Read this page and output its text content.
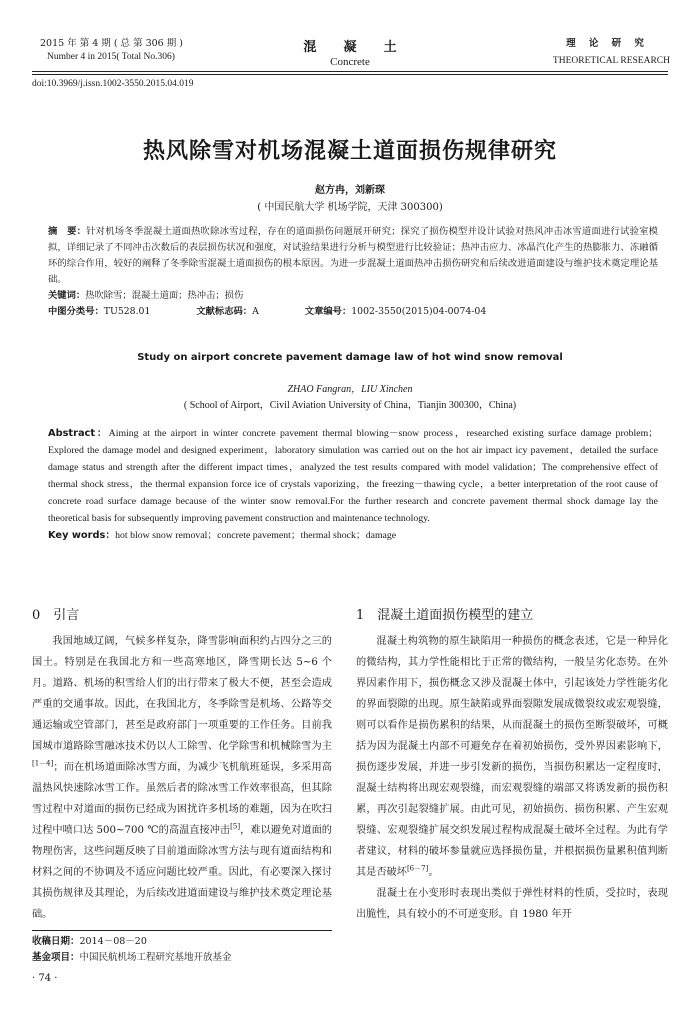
2015 年 第 4 期 ( 总 第 306 期 )
Number 4 in 2015( Total No.306)
混      凝      土
Concrete
理    论    研    究
THEORETICAL RESEARCH
doi:10.3969/j.issn.1002-3550.2015.04.019
热风除雪对机场混凝土道面损伤规律研究
赵方冉，刘新琛
( 中国民航大学 机场学院，天津 300300)
摘　要：针对机场冬季混凝土道面热吹除冰雪过程，存在的道面损伤问题展开研究；探究了损伤模型并设计试验对热风冲击冰雪道面进行试验室模拟，详细记录了不同冲击次数后的表层损伤状况和强度，对试验结果进行分析与模型进行比较验证；热冲击应力、冰晶汽化产生的热膨胀力、冻融循环的综合作用，较好的阐释了冬季除雪混凝土道面损伤的根本原因。为进一步混凝土道面热冲击损伤研究和后续改进道面建设与维护技术奠定理论基础。
关键词：热吹除雪；混凝土道面；热冲击；损伤
中图分类号：TU528.01	文献标志码：A	文章编号：1002-3550(2015)04-0074-04
Study on airport concrete pavement damage law of hot wind snow removal
ZHAO Fangran，LIU Xinchen
( School of Airport，Civil Aviation University of China，Tianjin 300300，China)
Abstract：Aiming at the airport in winter concrete pavement thermal blowing－snow process，researched existing surface damage problem；Explored the damage model and designed experiment，laboratory simulation was carried out on the hot air impact icy pavement，detailed the surface damage status and strength after the different impact times，analyzed the test results compared with model validation；The comprehensive effect of thermal shock stress，the thermal expansion force ice of crystals vaporizing，the freezing－thawing cycle，a better interpretation of the root cause of concrete road surface damage because of the winter snow removal.For the further research and concrete pavement thermal shock damage lay the theoretical basis for subsequently improving pavement construction and maintenance technology.
Key words：hot blow snow removal；concrete pavement；thermal shock；damage
0　引言

我国地域辽阔，气候多样复杂，降雪影响面积约占四分之三的国土。特别是在我国北方和一些高寒地区，降雪期长达 5~6 个月。道路、机场的积雪给人们的出行带来了极大不便，甚至会造成严重的交通事故。因此，在我国北方，冬季除雪是机场、公路等交通运输或空管部门，甚至是政府部门一项重要的工作任务。目前我国城市道路除雪融冰技术仍以人工除雪、化学除雪和机械除雪为主[1－4]；而在机场道面除冰雪方面，为减少飞机航班延误，多采用高温热风快速除冰雪工作。虽然后者的除冰雪工作效率很高，但其除雪过程中对道面的损伤已经成为困扰许多机场的难题，因为在吹扫过程中喷口达 500~700 ℃的高温直接冲击[5]，难以避免对道面的物理伤害，这些问题反映了目前道面除冰雪方法与现有道面结构和材料之间的不协调及不适应问题比较严重。因此，有必要深入探讨其损伤规律及其理论，为后续改进道面建设与维护技术奠定理论基础。

收稿日期：2014－08－20
基金项目：中国民航机场工程研究基地开放基金
· 74 ·
1　混凝土道面损伤模型的建立

混凝土构筑物的原生缺陷用一种损伤的概念表述，它是一种异化的微结构，其力学性能相比于正常的微结构，一般呈劣化态势。在外界因素作用下，损伤概念又涉及混凝土体中，引起该处力学性能劣化的界面裂隙的出现。原生缺陷或界面裂隙发展成微裂纹或宏观裂缝，则可以看作是损伤累积的结果，从而混凝土的损伤至断裂破坏，可概括为因为混凝土内部不可避免存在着初始损伤，受外界因素影响下，损伤逐步发展，并进一步引发新的损伤，当损伤积累达一定程度时，混凝土结构将出现宏观裂缝，而宏观裂缝的端部又将诱发新的损伤积累，再次引起裂缝扩展。由此可见，初始损伤、损伤积累、产生宏观裂缝、宏观裂缝扩展交织发展过程构成混凝土破坏全过程。为此有学者建议，材料的破坏参量就应选择损伤量，并根据损伤量累积值判断其是否破坏[6－7]。

混凝土在小变形时表现出类似于弹性材料的性质，受拉时，表现出脆性，具有较小的不可逆变形。自 1980 年开
